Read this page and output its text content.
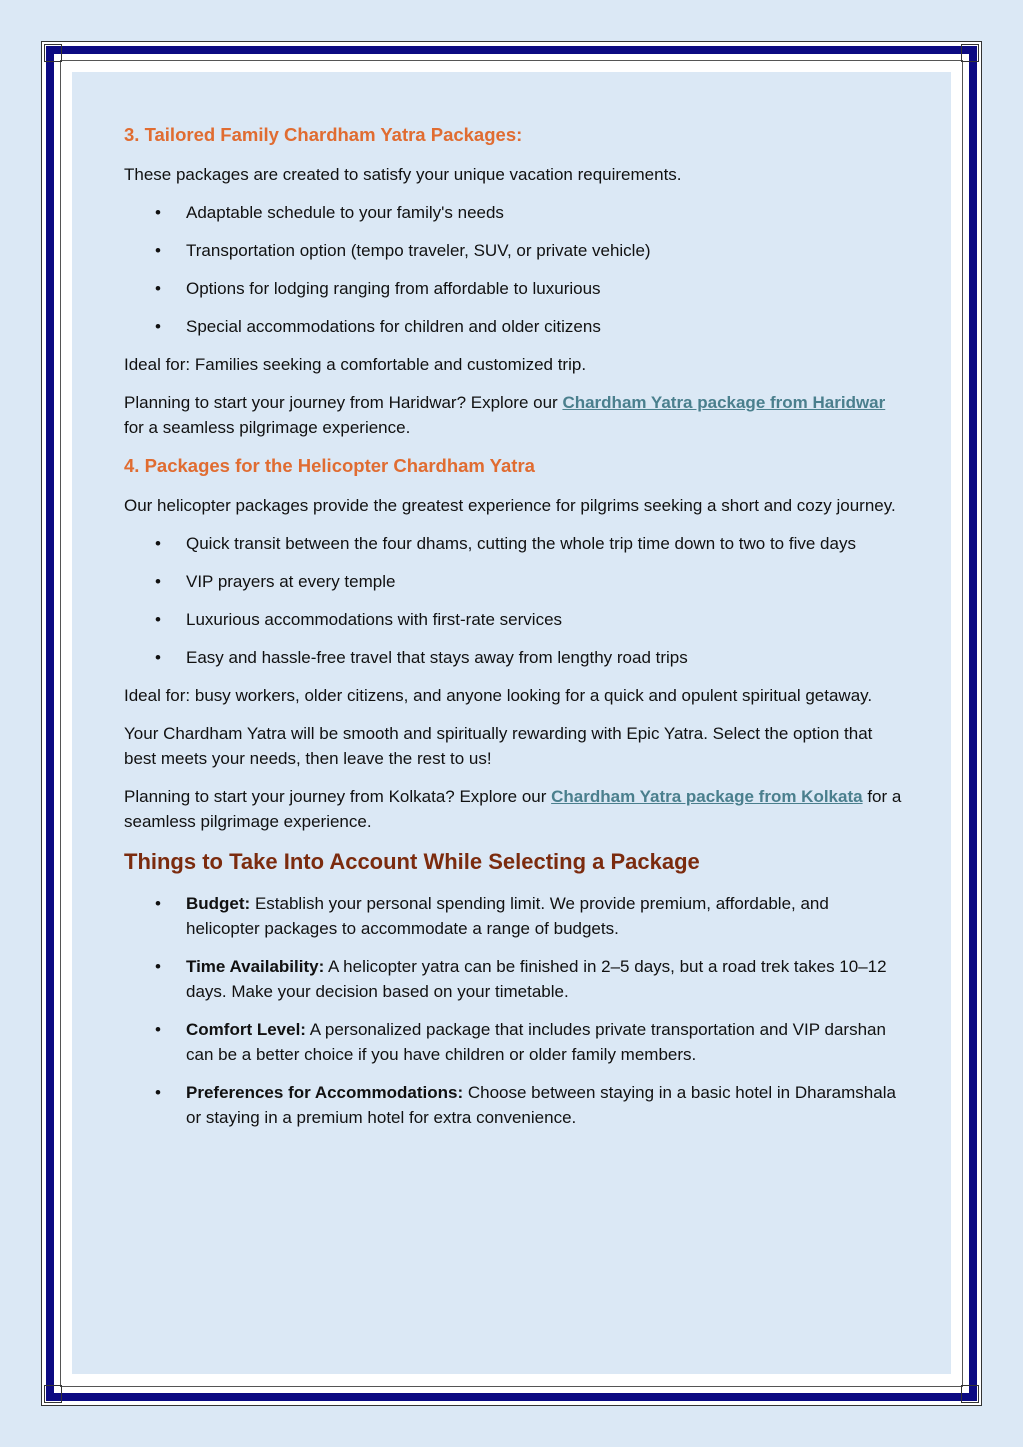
3. Tailored Family Chardham Yatra Packages:

These packages are created to satisfy your unique vacation requirements.

• Adaptable schedule to your family's needs
• Transportation option (tempo traveler, SUV, or private vehicle)
• Options for lodging ranging from affordable to luxurious
• Special accommodations for children and older citizens

Ideal for: Families seeking a comfortable and customized trip.

Planning to start your journey from Haridwar? Explore our Chardham Yatra package from Haridwar for a seamless pilgrimage experience.

4. Packages for the Helicopter Chardham Yatra

Our helicopter packages provide the greatest experience for pilgrims seeking a short and cozy journey.

• Quick transit between the four dhams, cutting the whole trip time down to two to five days
• VIP prayers at every temple
• Luxurious accommodations with first-rate services
• Easy and hassle-free travel that stays away from lengthy road trips

Ideal for: busy workers, older citizens, and anyone looking for a quick and opulent spiritual getaway.

Your Chardham Yatra will be smooth and spiritually rewarding with Epic Yatra. Select the option that best meets your needs, then leave the rest to us!

Planning to start your journey from Kolkata? Explore our Chardham Yatra package from Kolkata for a seamless pilgrimage experience.

Things to Take Into Account While Selecting a Package
• Budget: Establish your personal spending limit. We provide premium, affordable, and helicopter packages to accommodate a range of budgets.
• Time Availability: A helicopter yatra can be finished in 2–5 days, but a road trek takes 10–12 days. Make your decision based on your timetable.
• Comfort Level: A personalized package that includes private transportation and VIP darshan can be a better choice if you have children or older family members.
• Preferences for Accommodations: Choose between staying in a basic hotel in Dharamshala or staying in a premium hotel for extra convenience.
